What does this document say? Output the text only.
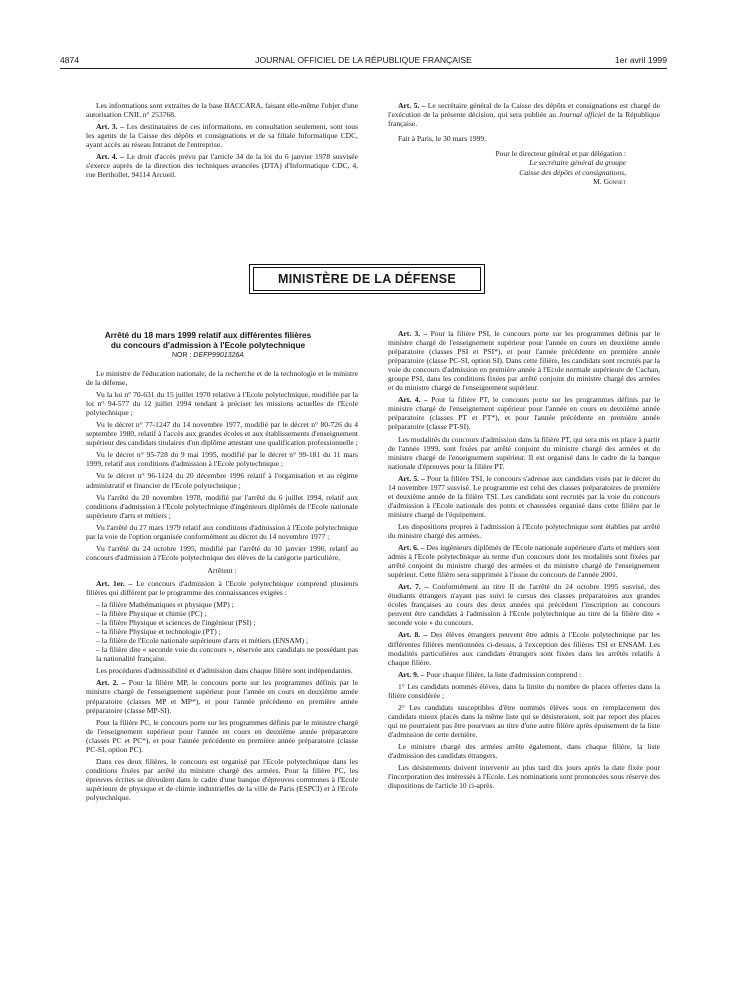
4874	JOURNAL OFFICIEL DE LA RÉPUBLIQUE FRANÇAISE	1er avril 1999

Les informations sont extraites de la base BACCARA, faisant elle-même l'objet d'une autorisation CNIL n° 253768.

Art. 3. – Les destinataires de ces informations, en consultation seulement, sont tous les agents de la Caisse des dépôts et consignations et de sa filiale Informatique CDC, ayant accès au réseau Intranet de l'entreprise.

Art. 4. – Le droit d'accès prévu par l'article 34 de la loi du 6 janvier 1978 susvisée s'exerce auprès de la direction des techniques avancées (DTA) d'Informatique CDC, 4, rue Berthollet, 94114 Arcueil.

Art. 5. – Le secrétaire général de la Caisse des dépôts et consignations est chargé de l'exécution de la présente décision, qui sera publiée au Journal officiel de la République française.

Fait à Paris, le 30 mars 1999.

Pour le directeur général et par délégation :
Le secrétaire général du groupe
Caisse des dépôts et consignations,
M. Gonnet
MINISTÈRE DE LA DÉFENSE
Arrêté du 18 mars 1999 relatif aux différentes filières
du concours d'admission à l'Ecole polytechnique
NOR : DEFP9901326A

Le ministre de l'éducation nationale, de la recherche et de la technologie et le ministre de la défense,

Vu la loi n° 70-631 du 15 juillet 1970 relative à l'Ecole polytechnique, modifiée par la loi n° 94-577 du 12 juillet 1994 tendant à préciser les missions actuelles de l'Ecole polytechnique ;

Vu le décret n° 77-1247 du 14 novembre 1977, modifié par le décret n° 80-726 du 4 septembre 1980, relatif à l'accès aux grandes écoles et aux établissements d'enseignement supérieur des candidats titulaires d'un diplôme attestant une qualification professionnelle ;

Vu le décret n° 95-728 du 9 mai 1995, modifié par le décret n° 99-181 du 11 mars 1999, relatif aux conditions d'admission à l'Ecole polytechnique ;

Vu le décret n° 96-1124 du 20 décembre 1996 relatif à l'organisation et au régime administratif et financier de l'Ecole polytechnique ;

Vu l'arrêté du 20 novembre 1978, modifié par l'arrêté du 6 juillet 1994, relatif aux conditions d'admission à l'Ecole polytechnique d'ingénieurs diplômés de l'Ecole nationale supérieure d'arts et métiers ;

Vu l'arrêté du 27 mars 1979 relatif aux conditions d'admission à l'Ecole polytechnique par la voie de l'option organisée conformément au décret du 14 novembre 1977 ;

Vu l'arrêté du 24 octobre 1995, modifié par l'arrêté du 10 janvier 1996, relatif au concours d'admission à l'Ecole polytechnique des élèves de la catégorie particulière,

Arrêtent :

Art. 1er. – Le concours d'admission à l'Ecole polytechnique comprend plusieurs filières qui diffèrent par le programme des connaissances exigées :

– la filière Mathématiques et physique (MP) ;

– la filière Physique et chimie (PC) ;

– la filière Physique et sciences de l'ingénieur (PSI) ;

– la filière Physique et technologie (PT) ;

– la filière de l'Ecole nationale supérieure d'arts et métiers (ENSAM) ;

– la filière dite « seconde voie du concours », réservée aux candidats ne possédant pas la nationalité française.

Les procédures d'admissibilité et d'admission dans chaque filière sont indépendantes.

Art. 2. – Pour la filière MP, le concours porte sur les programmes définis par le ministre chargé de l'enseignement supérieur pour l'année en cours en deuxième année préparatoire (classes MP et MP*), et pour l'année précédente en première année préparatoire (classe MP-SI).

Pour la filière PC, le concours porte sur les programmes définis par le ministre chargé de l'enseignement supérieur pour l'année en cours en deuxième année préparatoire (classes PC et PC*), et pour l'année précédente en première année préparatoire (classe PC-SI, option PC).

Dans ces deux filières, le concours est organisé par l'Ecole polytechnique dans les conditions fixées par arrêté du ministre chargé des armées. Pour la filière PC, les épreuves écrites se déroulent dans le cadre d'une banque d'épreuves communes à l'Ecole supérieure de physique et de chimie industrielles de la ville de Paris (ESPCI) et à l'Ecole polytechnique.

Art. 3. – Pour la filière PSI, le concours porte sur les programmes définis par le ministre chargé de l'enseignement supérieur pour l'année en cours en deuxième année préparatoire (classes PSI et PSI*), et pour l'année précédente en première année préparatoire (classe PC-SI, option SI). Dans cette filière, les candidats sont recrutés par la voie du concours d'admission en première année à l'Ecole normale supérieure de Cachan, groupe PSI, dans les conditions fixées par arrêté conjoint du ministre chargé des armées et du ministre chargé de l'enseignement supérieur.

Art. 4. – Pour la filière PT, le concours porte sur les programmes définis par le ministre chargé de l'enseignement supérieur pour l'année en cours en deuxième année préparatoire (classes PT et PT*), et pour l'année précédente en première année préparatoire (classe PT-SI).

Les modalités du concours d'admission dans la filière PT, qui sera mis en place à partir de l'année 1999, sont fixées par arrêté conjoint du ministre chargé des armées et du ministre chargé de l'enseignement supérieur. Il est organisé dans le cadre de la banque nationale d'épreuves pour la filière PT.

Art. 5. – Pour la filière TSI, le concours s'adresse aux candidats visés par le décret du 14 novembre 1977 susvisé. Le programme est celui des classes préparatoires de première et deuxième année de la filière TSI. Les candidats sont recrutés par la voie du concours d'admission à l'Ecole nationale des ponts et chaussées organisé dans cette filière par le ministre chargé de l'équipement.

Les dispositions propres à l'admission à l'Ecole polytechnique sont établies par arrêté du ministre chargé des armées.

Art. 6. – Des ingénieurs diplômés de l'Ecole nationale supérieure d'arts et métiers sont admis à l'Ecole polytechnique au terme d'un concours dont les modalités sont fixées par arrêté conjoint du ministre chargé des armées et du ministre chargé de l'enseignement supérieur. Cette filière sera supprimée à l'issue du concours de l'année 2001.

Art. 7. – Conformément au titre II de l'arrêté du 24 octobre 1995 susvisé, des étudiants étrangers n'ayant pas suivi le cursus des classes préparatoires aux grandes écoles françaises au cours des deux années qui précèdent l'inscription au concours peuvent être candidats à l'admission à l'Ecole polytechnique au titre de la filière dite « seconde voie » du concours.

Art. 8. – Des élèves étrangers peuvent être admis à l'Ecole polytechnique par les différentes filières mentionnées ci-dessus, à l'exception des filières TSI et ENSAM. Les modalités particulières aux candidats étrangers sont fixées dans les arrêtés relatifs à chaque filière.

Art. 9. – Pour chaque filière, la liste d'admission comprend :

1° Les candidats nommés élèves, dans la limite du nombre de places offertes dans la filière considérée ;

2° Les candidats susceptibles d'être nommés élèves sous en remplacement des candidats mieux placés dans la même liste qui se désisteraient, soit par report des places qui ne pourraient pas être pourvues au titre d'une autre filière après épuisement de la liste d'admission de cette dernière.

Le ministre chargé des armées arrête également, dans chaque filière, la liste d'admission des candidats étrangers.

Les désistements doivent intervenir au plus tard dix jours après la date fixée pour l'incorporation des intéressés à l'Ecole. Les nominations sont prononcées sous réserve des dispositions de l'article 10 ci-après.
